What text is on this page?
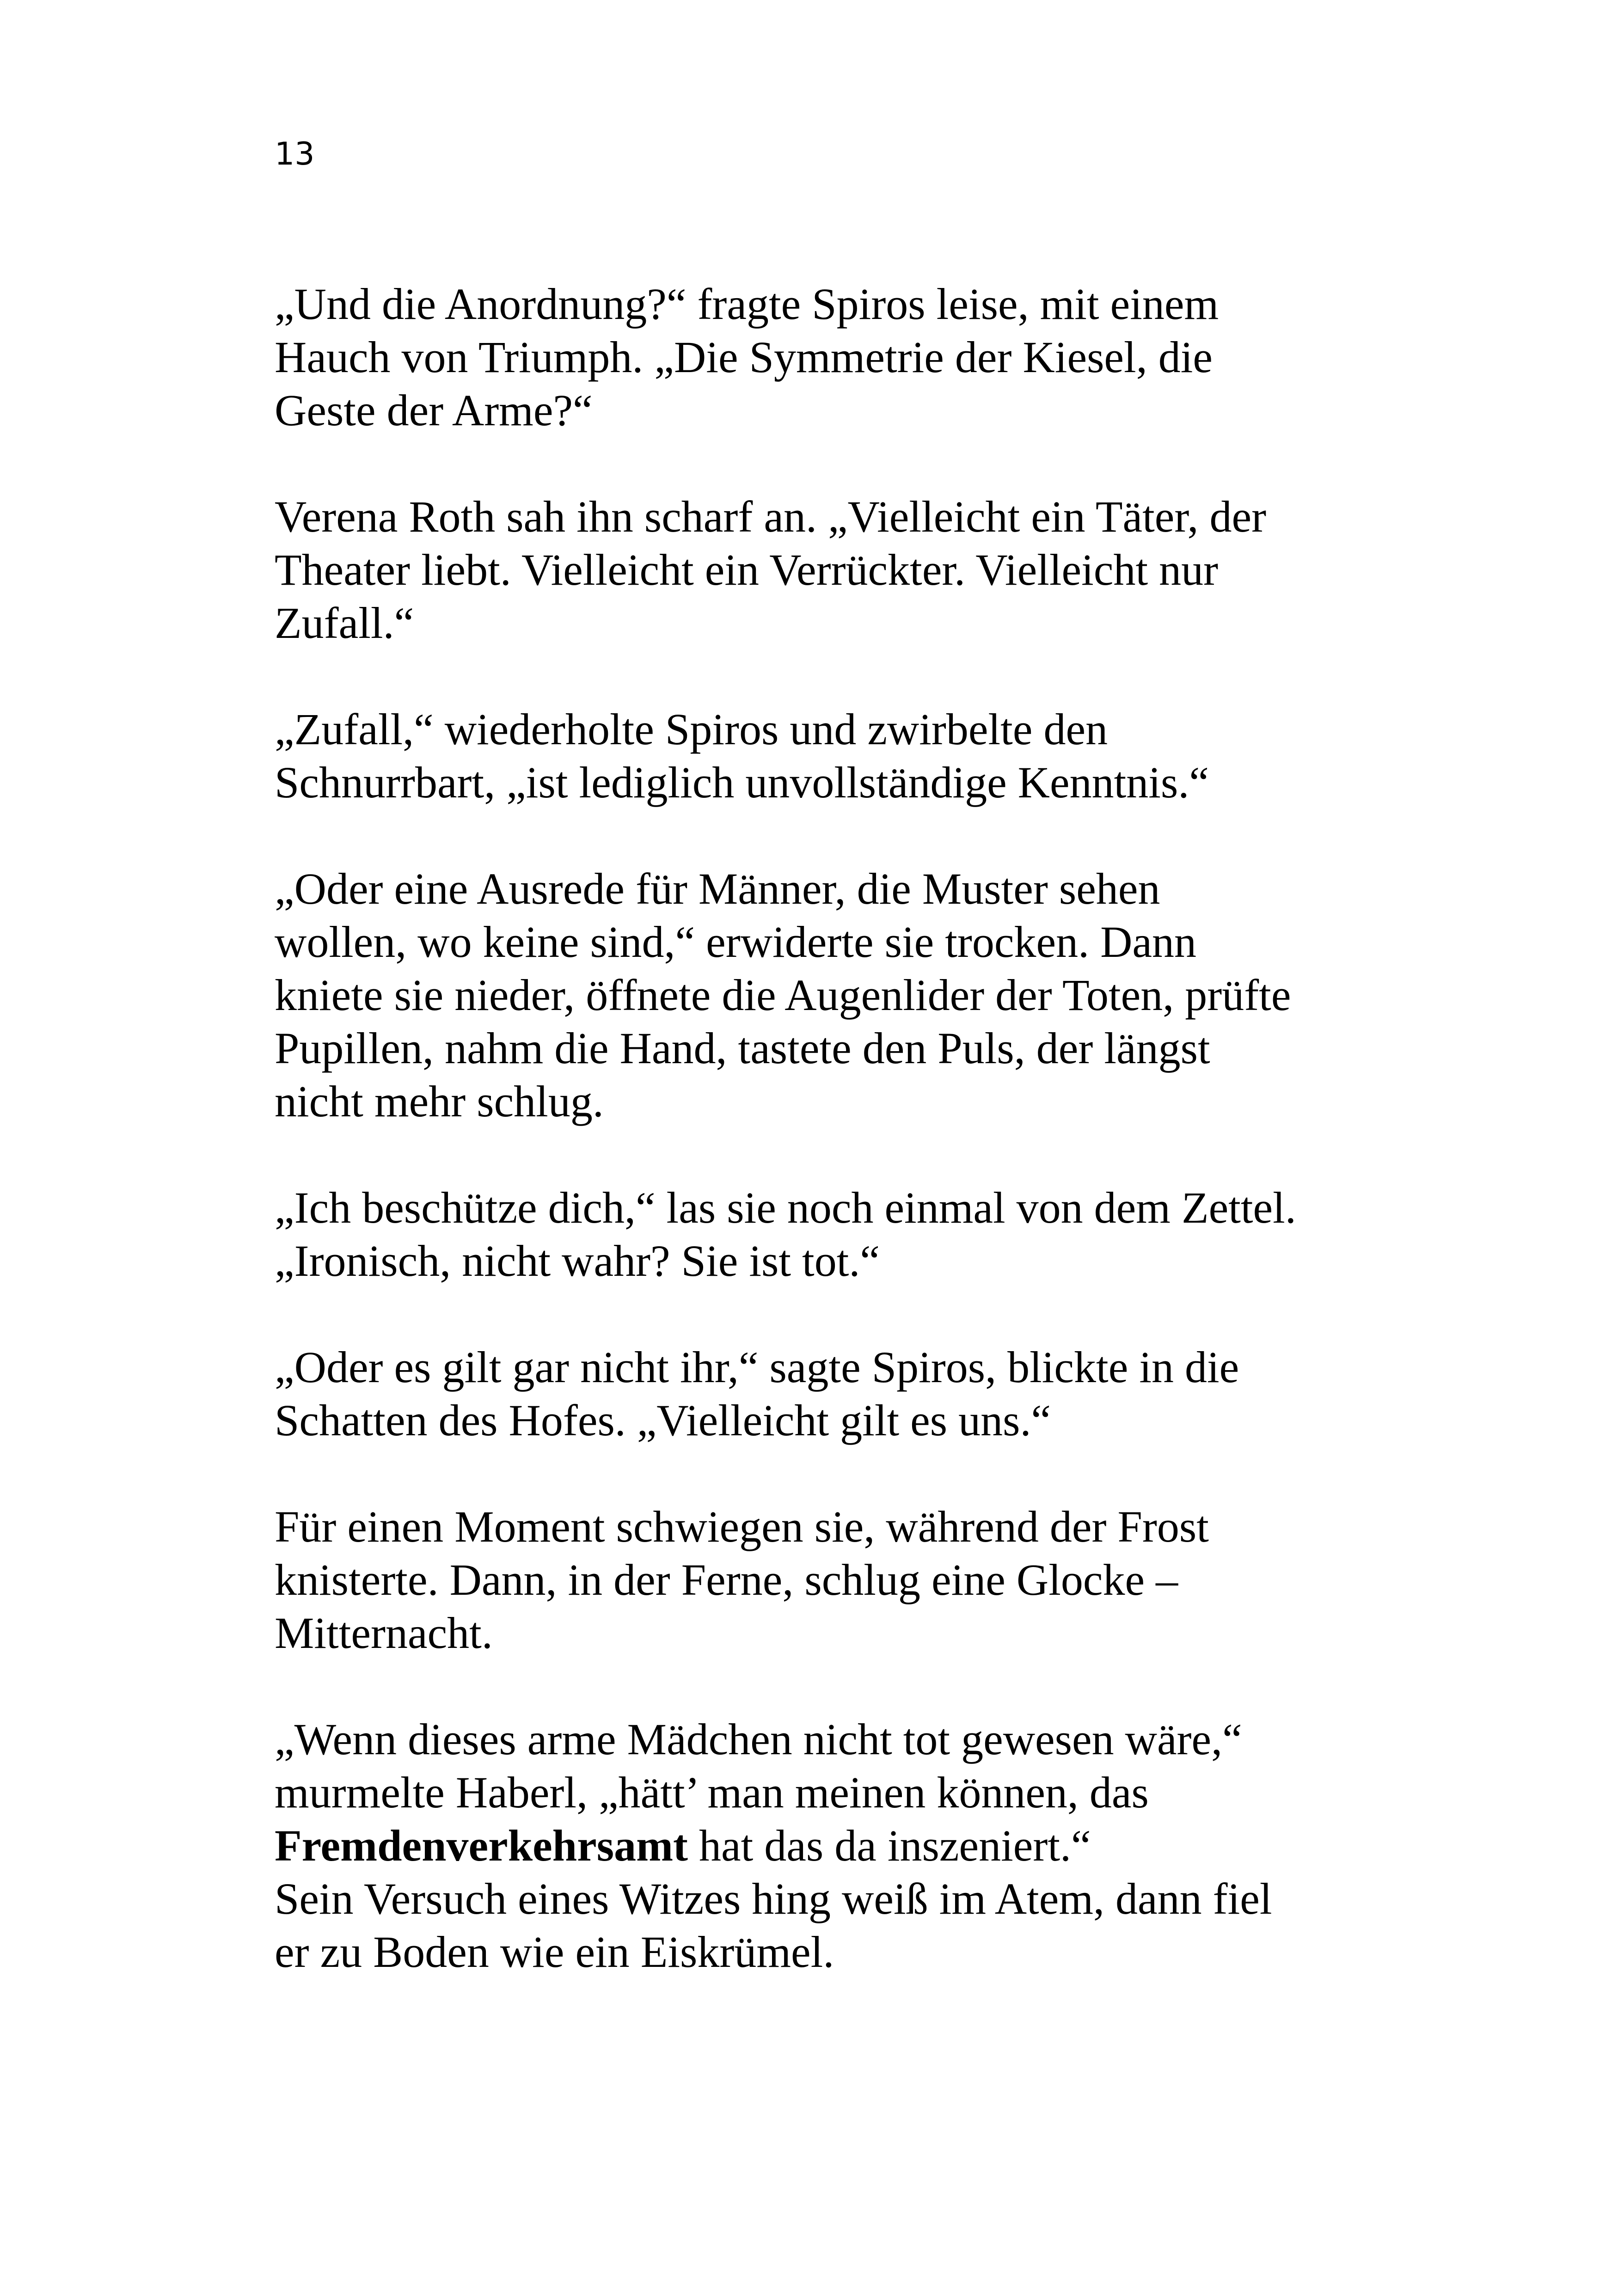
13

„Und die Anordnung?“ fragte Spiros leise, mit einem
Hauch von Triumph. „Die Symmetrie der Kiesel, die
Geste der Arme?“

Verena Roth sah ihn scharf an. „Vielleicht ein Täter, der
Theater liebt. Vielleicht ein Verrückter. Vielleicht nur
Zufall.“

„Zufall,“ wiederholte Spiros und zwirbelte den
Schnurrbart, „ist lediglich unvollständige Kenntnis.“

„Oder eine Ausrede für Männer, die Muster sehen
wollen, wo keine sind,“ erwiderte sie trocken. Dann
kniete sie nieder, öffnete die Augenlider der Toten, prüfte
Pupillen, nahm die Hand, tastete den Puls, der längst
nicht mehr schlug.

„Ich beschütze dich,“ las sie noch einmal von dem Zettel.
„Ironisch, nicht wahr? Sie ist tot.“

„Oder es gilt gar nicht ihr,“ sagte Spiros, blickte in die
Schatten des Hofes. „Vielleicht gilt es uns.“

Für einen Moment schwiegen sie, während der Frost
knisterte. Dann, in der Ferne, schlug eine Glocke –
Mitternacht.

„Wenn dieses arme Mädchen nicht tot gewesen wäre,“
murmelte Haberl, „hätt’ man meinen können, das
Fremdenverkehrsamt hat das da inszeniert.“

Sein Versuch eines Witzes hing weiß im Atem, dann fiel
er zu Boden wie ein Eiskrümel.
